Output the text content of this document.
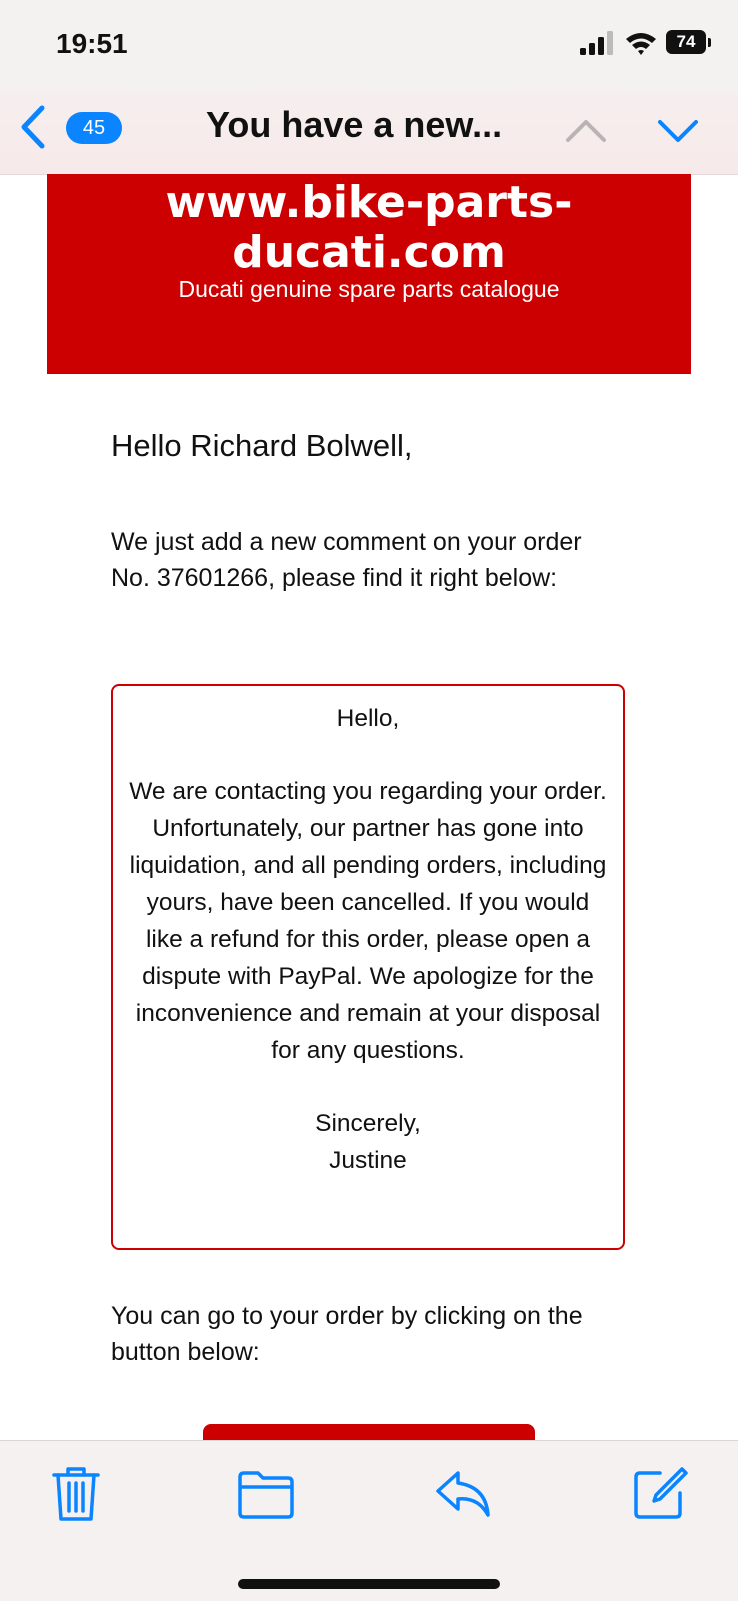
19:51	74
45	You have a new...
www.bike-parts-ducati.com
Ducati genuine spare parts catalogue
Hello Richard Bolwell,
We just add a new comment on your order No. 37601266, please find it right below:

Hello,

We are contacting you regarding your order. Unfortunately, our partner has gone into liquidation, and all pending orders, including yours, have been cancelled. If you would like a refund for this order, please open a dispute with PayPal. We apologize for the inconvenience and remain at your disposal for any questions.

Sincerely,

Justine

You can go to your order by clicking on the button below:
